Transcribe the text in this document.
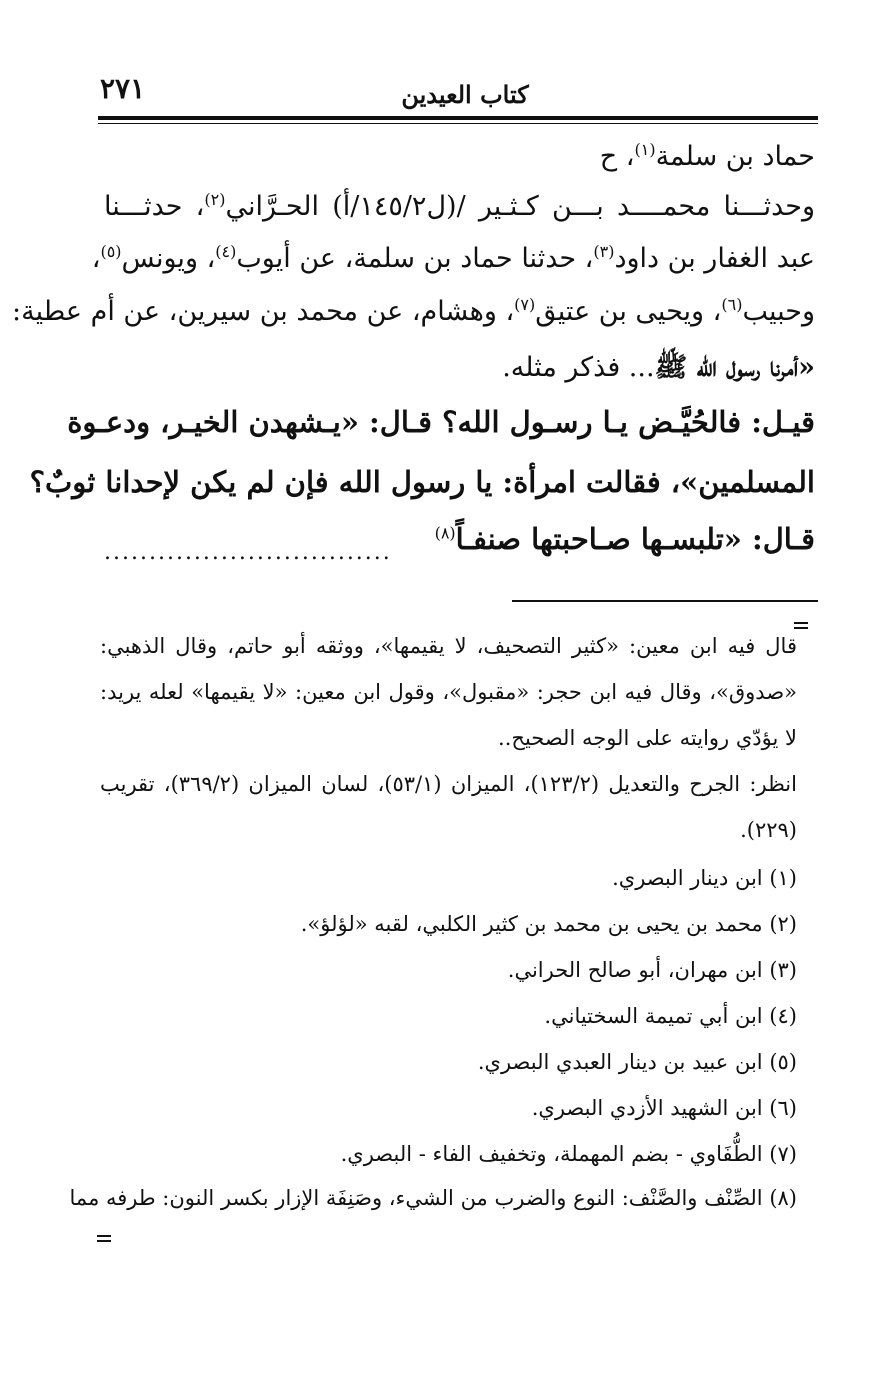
٢٧١	كتاب العيدين
حماد بن سلمة$^{(١)}$، ح
وحدثـــنا محمــــد بـــن كـثـير /(ل١٤٥/٢/أ) الحـرَّاني$^{(٢)}$، حدثـــنا
عبد الغفار بن داود$^{(٣)}$، حدثنا حماد بن سلمة، عن أيوب$^{(٤)}$، ويونس$^{(٥)}$،
وحبيب$^{(٦)}$، ويحيى بن عتيق$^{(٧)}$، وهشام، عن محمد بن سيرين، عن أم عطية:
«أمرنا رسول الله ﷺ... فذكر مثله.
قيـل: فالحُيَّـض يـا رسـول الله؟ قـال: «يـشهدن الخيـر، ودعـوة
المسلمين»، فقالت امرأة: يا رسول الله فإن لم يكن لإحدانا ثوبٌ؟
قـال: «تلبسـها صـاحبتها صنفـاً$^{(٨)}$
................................
قال فيه ابن معين: «كثير التصحيف، لا يقيمها»، ووثقه أبو حاتم، وقال الذهبي:
«صدوق»، وقال فيه ابن حجر: «مقبول»، وقول ابن معين: «لا يقيمها» لعله يريد:
لا يؤدّي روايته على الوجه الصحيح..
انظر: الجرح والتعديل (١٢٣/٢)، الميزان (٥٣/١)، لسان الميزان (٣٦٩/٢)، تقريب
(٢٢٩).
(١) ابن دينار البصري.
(٢) محمد بن يحيى بن محمد بن كثير الكلبي، لقبه «لؤلؤ».
(٣) ابن مهران، أبو صالح الحراني.
(٤) ابن أبي تميمة السختياني.
(٥) ابن عبيد بن دينار العبدي البصري.
(٦) ابن الشهيد الأزدي البصري.
(٧) الطُّفَاوي - بضم المهملة، وتخفيف الفاء - البصري.
(٨) الصِّنْف والصَّنْف: النوع والضرب من الشيء، وصَنِفَة الإزار بكسر النون: طرفه مما
